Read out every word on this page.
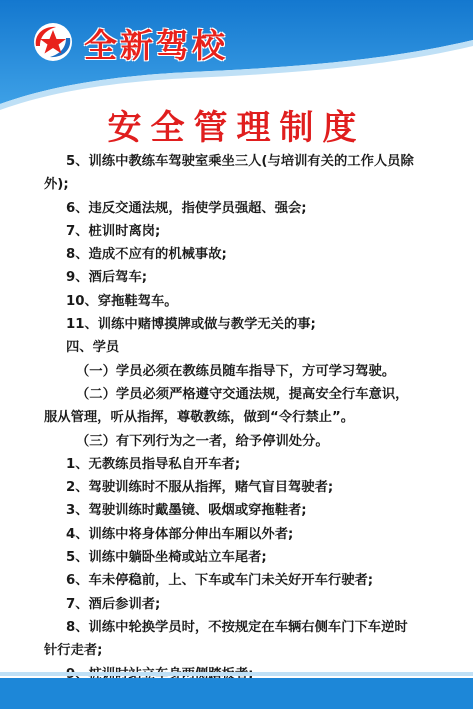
全新驾校
安全管理制度

5、训练中教练车驾驶室乘坐三人(与培训有关的工作人员除

外);

6、违反交通法规，指使学员强超、强会;

7、桩训时离岗;

8、造成不应有的机械事故;

9、酒后驾车;

10、穿拖鞋驾车。

11、训练中赌博摸牌或做与教学无关的事;

四、学员

（一）学员必须在教练员随车指导下，方可学习驾驶。

（二）学员必须严格遵守交通法规，提高安全行车意识，

服从管理，听从指挥，尊敬教练，做到“令行禁止”。

（三）有下列行为之一者，给予停训处分。

1、无教练员指导私自开车者;

2、驾驶训练时不服从指挥，赌气盲目驾驶者;

3、驾驶训练时戴墨镜、吸烟或穿拖鞋者;

4、训练中将身体部分伸出车厢以外者;

5、训练中躺卧坐椅或站立车尾者;

6、车未停稳前，上、下车或车门未关好开车行驶者;

7、酒后参训者;

8、训练中轮换学员时，不按规定在车辆右侧车门下车逆时

针行走者;
